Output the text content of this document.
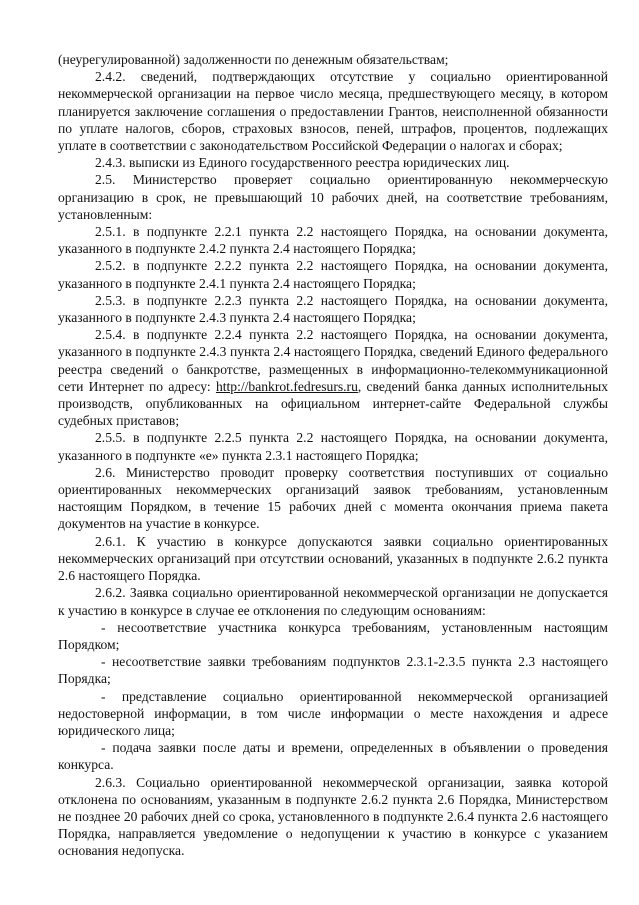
(неурегулированной) задолженности по денежным обязательствам;

2.4.2. сведений, подтверждающих отсутствие у социально ориентированной некоммерческой организации на первое число месяца, предшествующего месяцу, в котором планируется заключение соглашения о предоставлении Грантов, неисполненной обязанности по уплате налогов, сборов, страховых взносов, пеней, штрафов, процентов, подлежащих уплате в соответствии с законодательством Российской Федерации о налогах и сборах;

2.4.3. выписки из Единого государственного реестра юридических лиц.

2.5. Министерство проверяет социально ориентированную некоммерческую организацию в срок, не превышающий 10 рабочих дней, на соответствие требованиям, установленным:

2.5.1. в подпункте 2.2.1 пункта 2.2 настоящего Порядка, на основании документа, указанного в подпункте 2.4.2 пункта 2.4 настоящего Порядка;

2.5.2. в подпункте 2.2.2 пункта 2.2 настоящего Порядка, на основании документа, указанного в подпункте 2.4.1 пункта 2.4 настоящего Порядка;

2.5.3. в подпункте 2.2.3 пункта 2.2 настоящего Порядка, на основании документа, указанного в подпункте 2.4.3 пункта 2.4 настоящего Порядка;

2.5.4. в подпункте 2.2.4 пункта 2.2 настоящего Порядка, на основании документа, указанного в подпункте 2.4.3 пункта 2.4 настоящего Порядка, сведений Единого федерального реестра сведений о банкротстве, размещенных в информационно-телекоммуникационной сети Интернет по адресу: http://bankrot.fedresurs.ru, сведений банка данных исполнительных производств, опубликованных на официальном интернет-сайте Федеральной службы судебных приставов;

2.5.5. в подпункте 2.2.5 пункта 2.2 настоящего Порядка, на основании документа, указанного в подпункте «е» пункта 2.3.1 настоящего Порядка;

2.6. Министерство проводит проверку соответствия поступивших от социально ориентированных некоммерческих организаций заявок требованиям, установленным настоящим Порядком, в течение 15 рабочих дней с момента окончания приема пакета документов на участие в конкурсе.

2.6.1. К участию в конкурсе допускаются заявки социально ориентированных некоммерческих организаций при отсутствии оснований, указанных в подпункте 2.6.2 пункта 2.6 настоящего Порядка.

2.6.2. Заявка социально ориентированной некоммерческой организации не допускается к участию в конкурсе в случае ее отклонения по следующим основаниям:

- несоответствие участника конкурса требованиям, установленным настоящим Порядком;

- несоответствие заявки требованиям подпунктов 2.3.1-2.3.5 пункта 2.3 настоящего Порядка;

- представление социально ориентированной некоммерческой организацией недостоверной информации, в том числе информации о месте нахождения и адресе юридического лица;

- подача заявки после даты и времени, определенных в объявлении о проведения конкурса.

2.6.3. Социально ориентированной некоммерческой организации, заявка которой отклонена по основаниям, указанным в подпункте 2.6.2 пункта 2.6 Порядка, Министерством не позднее 20 рабочих дней со срока, установленного в подпункте 2.6.4 пункта 2.6 настоящего Порядка, направляется уведомление о недопущении к участию в конкурсе с указанием основания недопуска.
